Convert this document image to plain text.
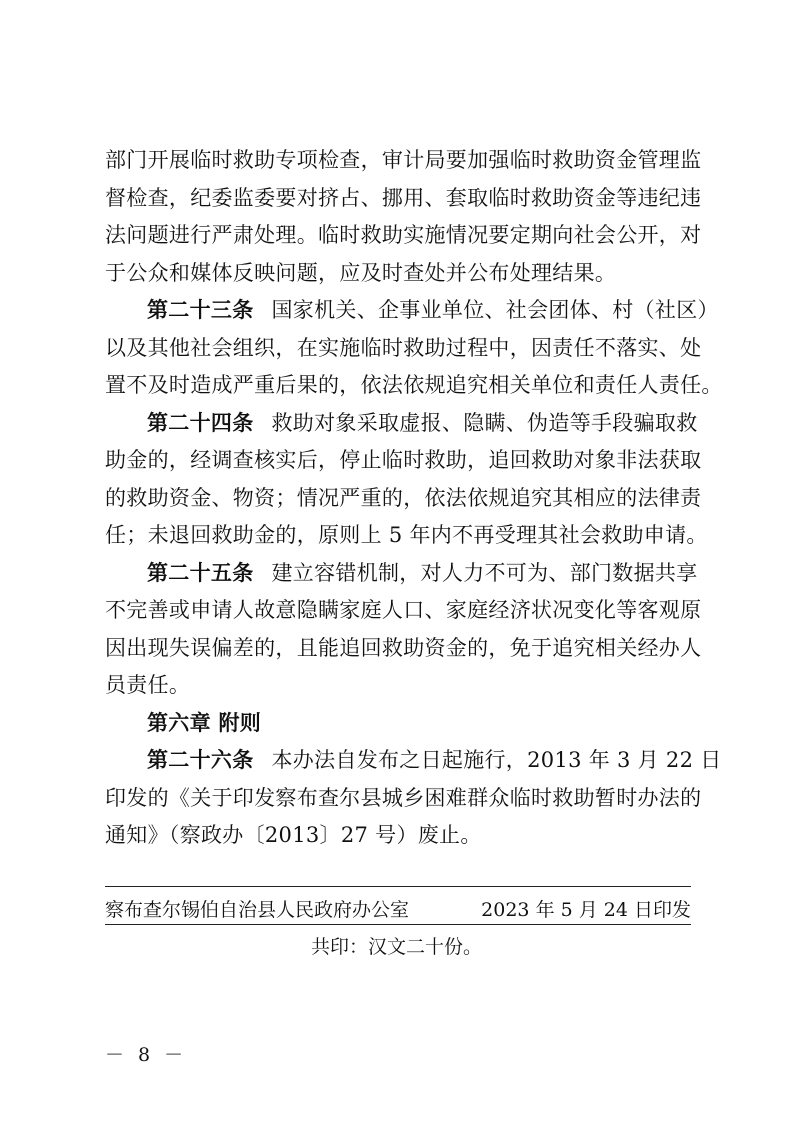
部门开展临时救助专项检查，审计局要加强临时救助资金管理监
督检查，纪委监委要对挤占、挪用、套取临时救助资金等违纪违
法问题进行严肃处理。临时救助实施情况要定期向社会公开，对
于公众和媒体反映问题，应及时查处并公布处理结果。
第二十三条 国家机关、企事业单位、社会团体、村（社区）
以及其他社会组织，在实施临时救助过程中，因责任不落实、处
置不及时造成严重后果的，依法依规追究相关单位和责任人责任。
第二十四条 救助对象采取虚报、隐瞒、伪造等手段骗取救
助金的，经调查核实后，停止临时救助，追回救助对象非法获取
的救助资金、物资；情况严重的，依法依规追究其相应的法律责
任；未退回救助金的，原则上 5 年内不再受理其社会救助申请。
第二十五条 建立容错机制，对人力不可为、部门数据共享
不完善或申请人故意隐瞒家庭人口、家庭经济状况变化等客观原
因出现失误偏差的，且能追回救助资金的，免于追究相关经办人
员责任。
第六章 附则
第二十六条 本办法自发布之日起施行，2013 年 3 月 22 日
印发的《关于印发察布查尔县城乡困难群众临时救助暂时办法的
通知》（察政办〔2013〕27 号）废止。
察布查尔锡伯自治县人民政府办公室	2023 年 5 月 24 日印发
共印：汉文二十份。
－ 8 －
